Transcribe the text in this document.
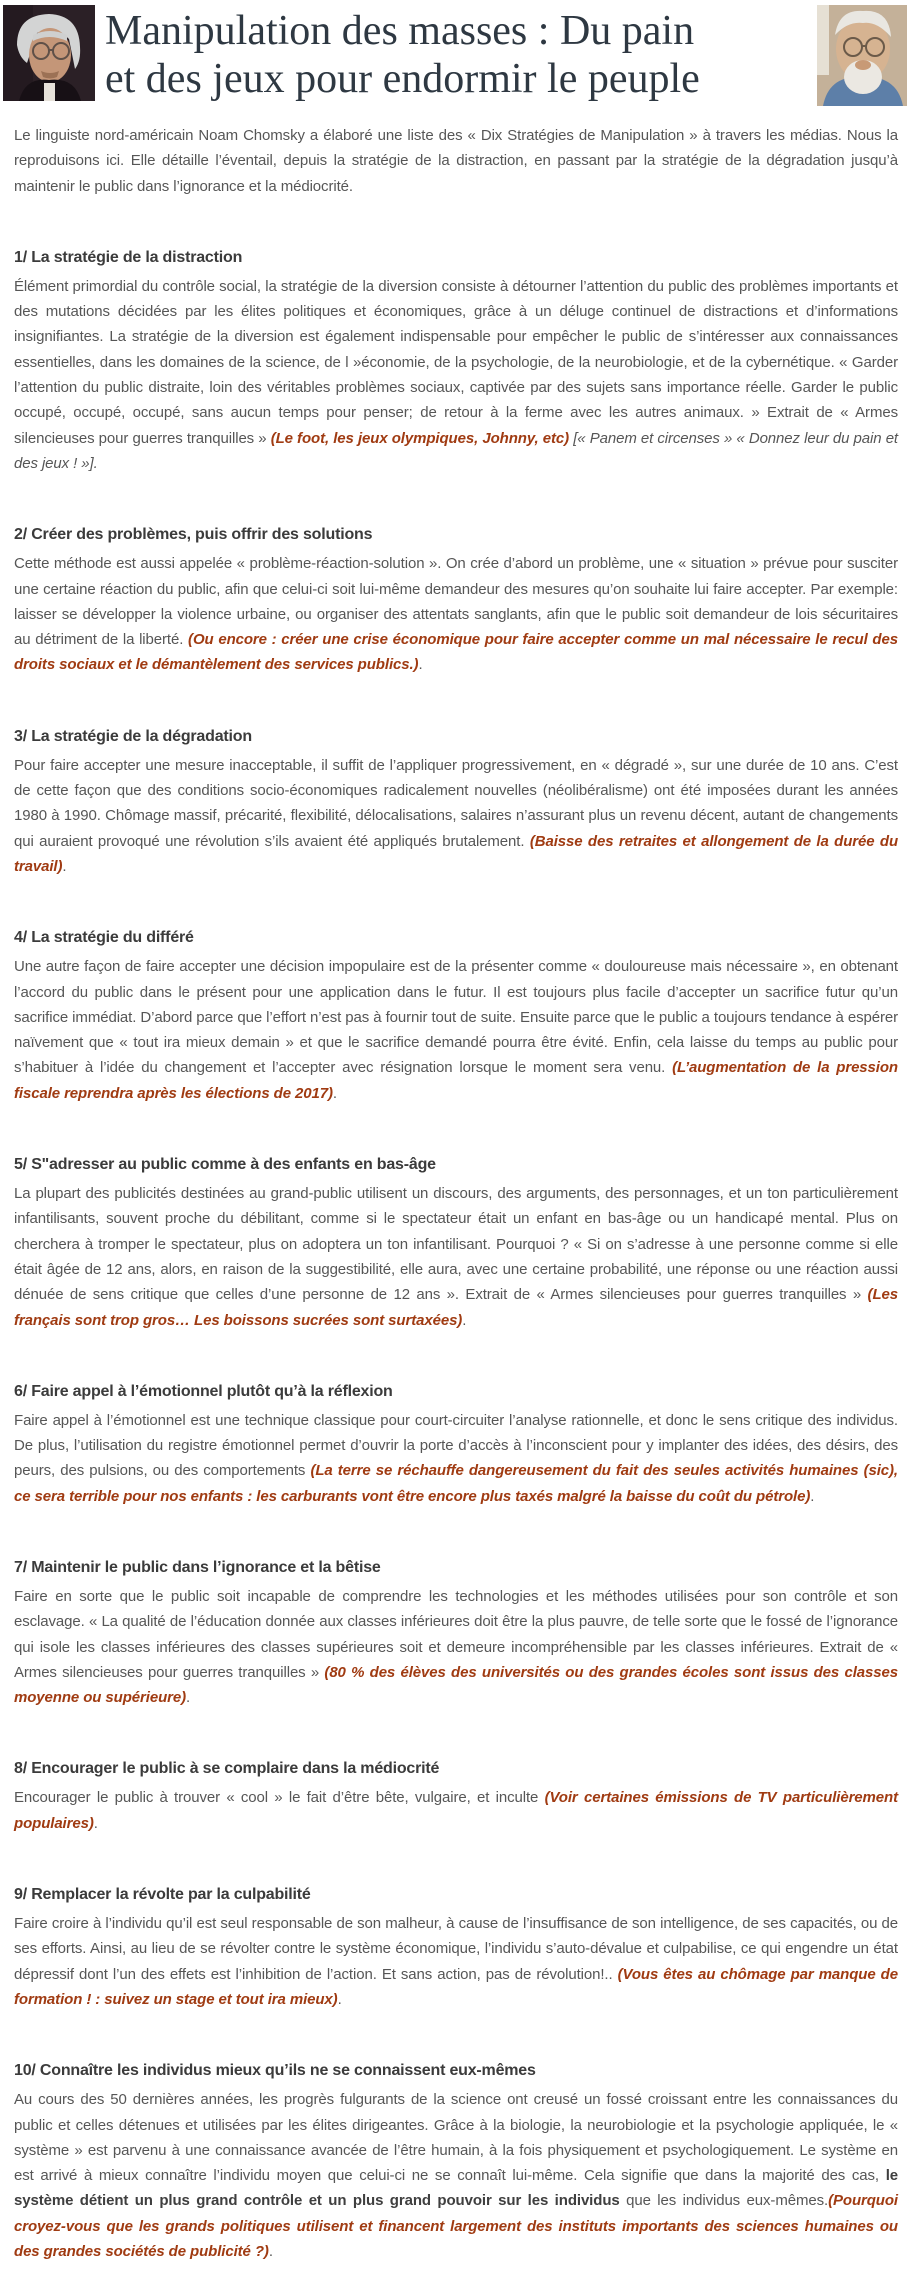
Manipulation des masses : Du pain
et des jeux pour endormir le peuple

Le linguiste nord-américain Noam Chomsky a élaboré une liste des « Dix Stratégies de Manipulation » à travers les médias. Nous la reproduisons ici. Elle détaille l’éventail, depuis la stratégie de la distraction, en passant par la stratégie de la dégradation jusqu’à maintenir le public dans l’ignorance et la médiocrité.

1/ La stratégie de la distraction

Élément primordial du contrôle social, la stratégie de la diversion consiste à détourner l’attention du public des problèmes importants et des mutations décidées par les élites politiques et économiques, grâce à un déluge continuel de distractions et d’informations insignifiantes. La stratégie de la diversion est également indispensable pour empêcher le public de s’intéresser aux connaissances essentielles, dans les domaines de la science, de l »économie, de la psychologie, de la neurobiologie, et de la cybernétique. « Garder l’attention du public distraite, loin des véritables problèmes sociaux, captivée par des sujets sans importance réelle. Garder le public occupé, occupé, occupé, sans aucun temps pour penser; de retour à la ferme avec les autres animaux. » Extrait de « Armes silencieuses pour guerres tranquilles » (Le foot, les jeux olympiques, Johnny, etc) [« Panem et circenses » « Donnez leur du pain et des jeux ! »].

2/ Créer des problèmes, puis offrir des solutions

Cette méthode est aussi appelée « problème-réaction-solution ». On crée d’abord un problème, une « situation » prévue pour susciter une certaine réaction du public, afin que celui-ci soit lui-même demandeur des mesures qu’on souhaite lui faire accepter. Par exemple: laisser se développer la violence urbaine, ou organiser des attentats sanglants, afin que le public soit demandeur de lois sécuritaires au détriment de la liberté. (Ou encore : créer une crise économique pour faire accepter comme un mal nécessaire le recul des droits sociaux et le démantèlement des services publics.).

3/ La stratégie de la dégradation

Pour faire accepter une mesure inacceptable, il suffit de l’appliquer progressivement, en « dégradé », sur une durée de 10 ans. C’est de cette façon que des conditions socio-économiques radicalement nouvelles (néolibéralisme) ont été imposées durant les années 1980 à 1990. Chômage massif, précarité, flexibilité, délocalisations, salaires n’assurant plus un revenu décent, autant de changements qui auraient provoqué une révolution s’ils avaient été appliqués brutalement. (Baisse des retraites et allongement de la durée du travail).

4/ La stratégie du différé

Une autre façon de faire accepter une décision impopulaire est de la présenter comme « douloureuse mais nécessaire », en obtenant l’accord du public dans le présent pour une application dans le futur. Il est toujours plus facile d’accepter un sacrifice futur qu’un sacrifice immédiat. D’abord parce que l’effort n’est pas à fournir tout de suite. Ensuite parce que le public a toujours tendance à espérer naïvement que « tout ira mieux demain » et que le sacrifice demandé pourra être évité. Enfin, cela laisse du temps au public pour s’habituer à l’idée du changement et l’accepter avec résignation lorsque le moment sera venu. (L’augmentation de la pression fiscale reprendra après les élections de 2017).

5/ S"adresser au public comme à des enfants en bas-âge

La plupart des publicités destinées au grand-public utilisent un discours, des arguments, des personnages, et un ton particulièrement infantilisants, souvent proche du débilitant, comme si le spectateur était un enfant en bas-âge ou un handicapé mental. Plus on cherchera à tromper le spectateur, plus on adoptera un ton infantilisant. Pourquoi ? « Si on s’adresse à une personne comme si elle était âgée de 12 ans, alors, en raison de la suggestibilité, elle aura, avec une certaine probabilité, une réponse ou une réaction aussi dénuée de sens critique que celles d’une personne de 12 ans ». Extrait de « Armes silencieuses pour guerres tranquilles » (Les français sont trop gros… Les boissons sucrées sont surtaxées).

6/ Faire appel à l’émotionnel plutôt qu’à la réflexion

Faire appel à l’émotionnel est une technique classique pour court-circuiter l’analyse rationnelle, et donc le sens critique des individus. De plus, l’utilisation du registre émotionnel permet d’ouvrir la porte d’accès à l’inconscient pour y implanter des idées, des désirs, des peurs, des pulsions, ou des comportements (La terre se réchauffe dangereusement du fait des seules activités humaines (sic), ce sera terrible pour nos enfants : les carburants vont être encore plus taxés malgré la baisse du coût du pétrole).

7/ Maintenir le public dans l’ignorance et la bêtise

Faire en sorte que le public soit incapable de comprendre les technologies et les méthodes utilisées pour son contrôle et son esclavage. « La qualité de l’éducation donnée aux classes inférieures doit être la plus pauvre, de telle sorte que le fossé de l’ignorance qui isole les classes inférieures des classes supérieures soit et demeure incompréhensible par les classes inférieures. Extrait de « Armes silencieuses pour guerres tranquilles » (80 % des élèves des universités ou des grandes écoles sont issus des classes moyenne ou supérieure).

8/ Encourager le public à se complaire dans la médiocrité

Encourager le public à trouver « cool » le fait d’être bête, vulgaire, et inculte (Voir certaines émissions de TV particulièrement populaires).

9/ Remplacer la révolte par la culpabilité

Faire croire à l’individu qu’il est seul responsable de son malheur, à cause de l’insuffisance de son intelligence, de ses capacités, ou de ses efforts. Ainsi, au lieu de se révolter contre le système économique, l’individu s’auto-dévalue et culpabilise, ce qui engendre un état dépressif dont l’un des effets est l’inhibition de l’action. Et sans action, pas de révolution!.. (Vous êtes au chômage par manque de formation ! : suivez un stage et tout ira mieux).

10/ Connaître les individus mieux qu’ils ne se connaissent eux-mêmes

Au cours des 50 dernières années, les progrès fulgurants de la science ont creusé un fossé croissant entre les connaissances du public et celles détenues et utilisées par les élites dirigeantes. Grâce à la biologie, la neurobiologie et la psychologie appliquée, le « système » est parvenu à une connaissance avancée de l’être humain, à la fois physiquement et psychologiquement. Le système en est arrivé à mieux connaître l’individu moyen que celui-ci ne se connaît lui-même. Cela signifie que dans la majorité des cas, le système détient un plus grand contrôle et un plus grand pouvoir sur les individus que les individus eux-mêmes.(Pourquoi croyez-vous que les grands politiques utilisent et financent largement des instituts importants des sciences humaines ou des grandes sociétés de publicité ?).
